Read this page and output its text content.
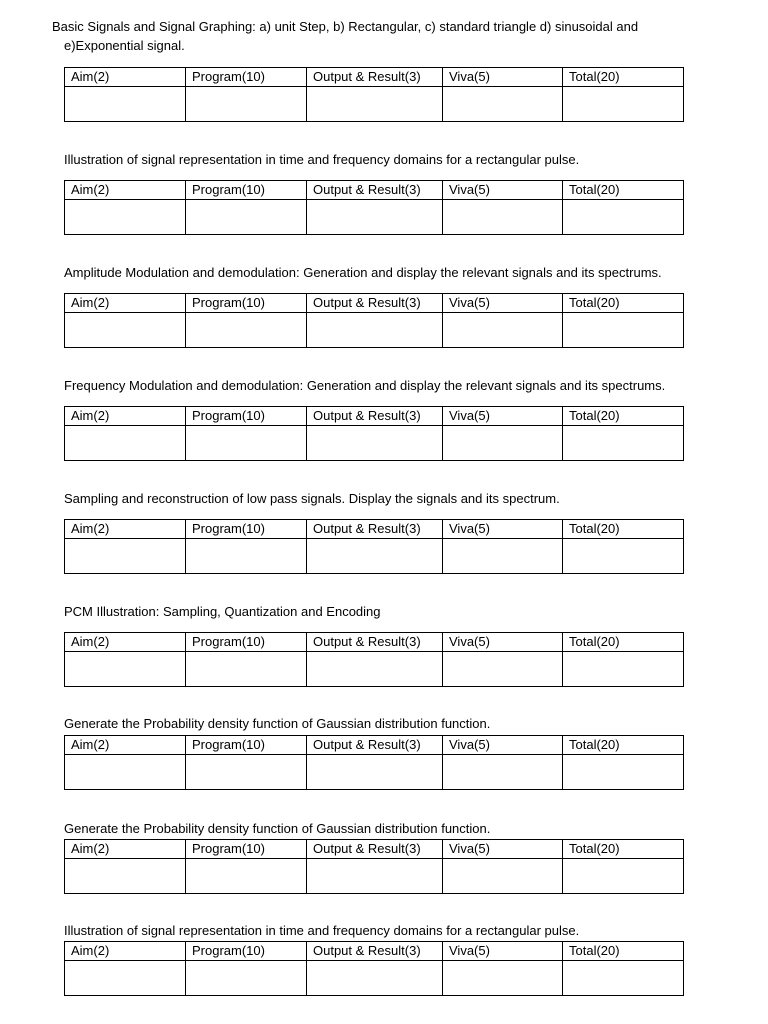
Basic Signals and Signal Graphing: a) unit Step, b) Rectangular, c) standard triangle d) sinusoidal and
e)Exponential signal.
Aim(2)	Program(10)	Output & Result(3)	Viva(5)	Total(20)

Illustration of signal representation in time and frequency domains for a rectangular pulse.
Aim(2)	Program(10)	Output & Result(3)	Viva(5)	Total(20)

Amplitude Modulation and demodulation: Generation and display the relevant signals and its spectrums.
Aim(2)	Program(10)	Output & Result(3)	Viva(5)	Total(20)

Frequency Modulation and demodulation: Generation and display the relevant signals and its spectrums.
Aim(2)	Program(10)	Output & Result(3)	Viva(5)	Total(20)

Sampling and reconstruction of low pass signals. Display the signals and its spectrum.
Aim(2)	Program(10)	Output & Result(3)	Viva(5)	Total(20)

PCM Illustration: Sampling, Quantization and Encoding
Aim(2)	Program(10)	Output & Result(3)	Viva(5)	Total(20)

Generate the Probability density function of Gaussian distribution function.
Aim(2)	Program(10)	Output & Result(3)	Viva(5)	Total(20)

Generate the Probability density function of Gaussian distribution function.
Aim(2)	Program(10)	Output & Result(3)	Viva(5)	Total(20)

Illustration of signal representation in time and frequency domains for a rectangular pulse.
Aim(2)	Program(10)	Output & Result(3)	Viva(5)	Total(20)
